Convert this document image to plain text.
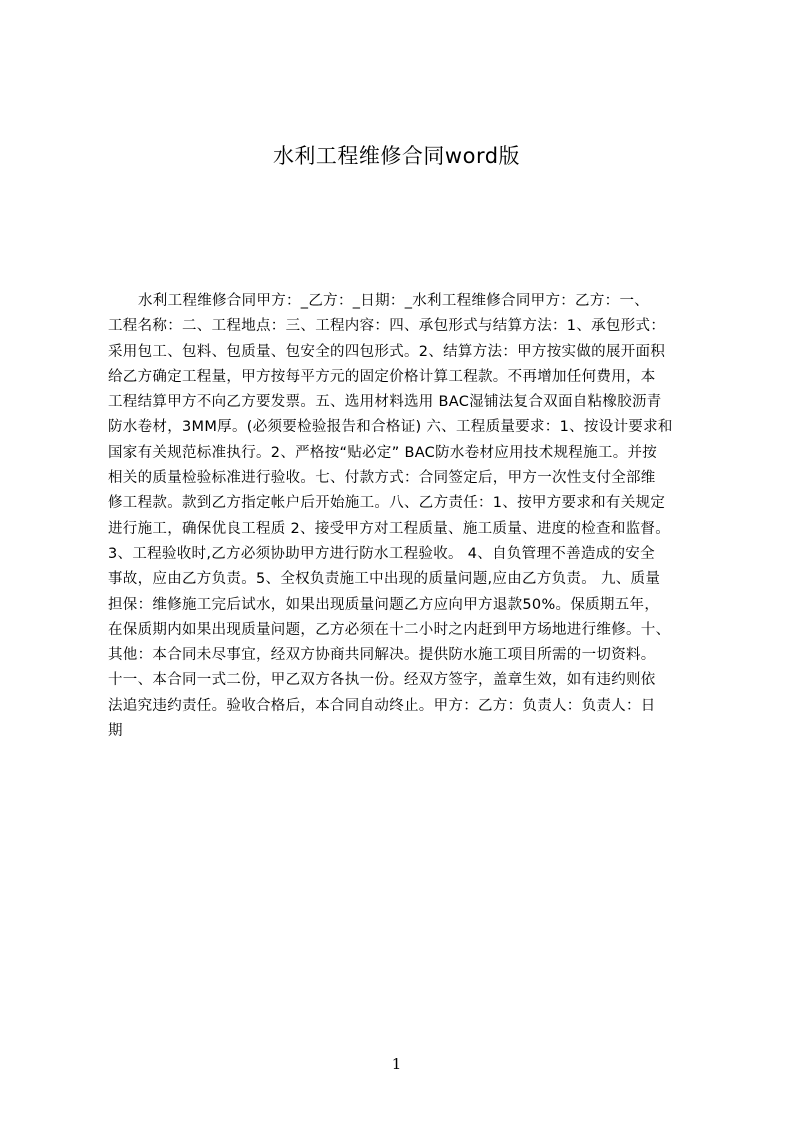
水利工程维修合同word版
水利工程维修合同甲方：_乙方：_日期：_水利工程维修合同甲方：乙方：一、
工程名称：二、工程地点：三、工程内容：四、承包形式与结算方法：1、承包形式：
采用包工、包料、包质量、包安全的四包形式。2、结算方法：甲方按实做的展开面积
给乙方确定工程量，甲方按每平方元的固定价格计算工程款。不再增加任何费用，本
工程结算甲方不向乙方要发票。五、选用材料选用 BAC湿铺法复合双面自粘橡胶沥青
防水卷材，3MM厚。(必须要检验报告和合格证) 六、工程质量要求：1、按设计要求和
国家有关规范标准执行。2、严格按“贴必定” BAC防水卷材应用技术规程施工。并按
相关的质量检验标准进行验收。七、付款方式：合同签定后，甲方一次性支付全部维
修工程款。款到乙方指定帐户后开始施工。八、乙方责任：1、按甲方要求和有关规定
进行施工，确保优良工程质 2、接受甲方对工程质量、施工质量、进度的检查和监督。
3、工程验收时,乙方必须协助甲方进行防水工程验收。 4、自负管理不善造成的安全
事故，应由乙方负责。5、全权负责施工中出现的质量问题,应由乙方负责。 九、质量
担保：维修施工完后试水，如果出现质量问题乙方应向甲方退款50%。保质期五年，
在保质期内如果出现质量问题，乙方必须在十二小时之内赶到甲方场地进行维修。十、
其他：本合同未尽事宜，经双方协商共同解决。提供防水施工项目所需的一切资料。
十一、本合同一式二份，甲乙双方各执一份。经双方签字，盖章生效，如有违约则依
法追究违约责任。验收合格后，本合同自动终止。甲方：乙方：负责人：负责人：日
期
1
